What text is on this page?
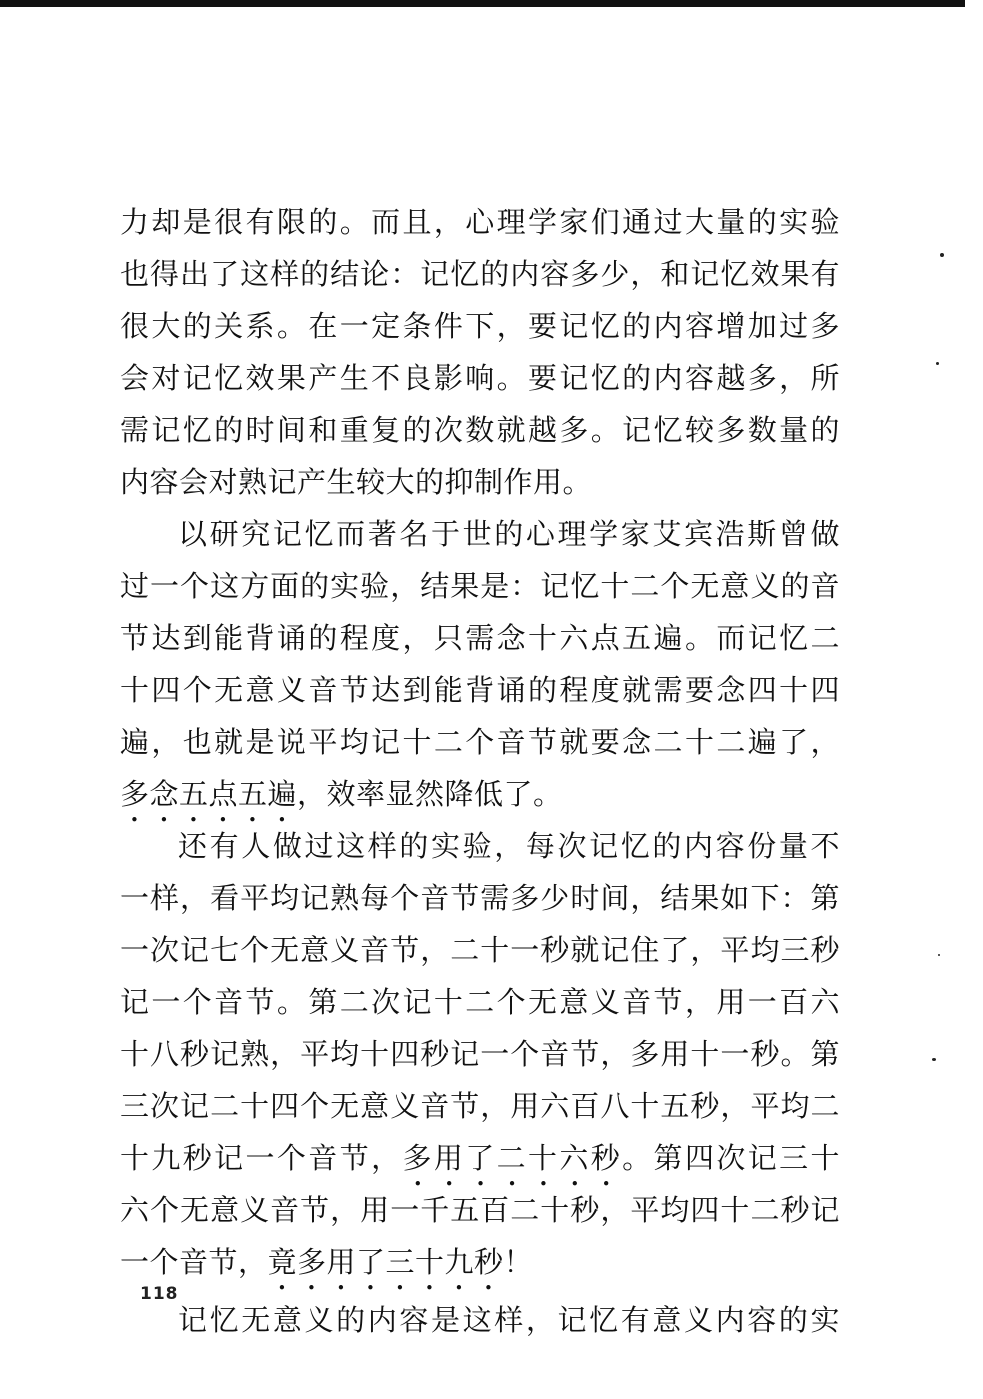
力却是很有限的。而且，心理学家们通过大量的实验
也得出了这样的结论：记忆的内容多少，和记忆效果有
很大的关系。在一定条件下，要记忆的内容增加过多
会对记忆效果产生不良影响。要记忆的内容越多，所
需记忆的时间和重复的次数就越多。记忆较多数量的
内容会对熟记产生较大的抑制作用。
以研究记忆而著名于世的心理学家艾宾浩斯曾做
过一个这方面的实验，结果是：记忆十二个无意义的音
节达到能背诵的程度，只需念十六点五遍。而记忆二
十四个无意义音节达到能背诵的程度就需要念四十四
遍，也就是说平均记十二个音节就要念二十二遍了，
多念五点五遍，效率显然降低了。
还有人做过这样的实验，每次记忆的内容份量不
一样，看平均记熟每个音节需多少时间，结果如下：第
一次记七个无意义音节，二十一秒就记住了，平均三秒
记一个音节。第二次记十二个无意义音节，用一百六
十八秒记熟，平均十四秒记一个音节，多用十一秒。第
三次记二十四个无意义音节，用六百八十五秒，平均二
十九秒记一个音节，多用了二十六秒。第四次记三十
六个无意义音节，用一千五百二十秒，平均四十二秒记
一个音节，竟多用了三十九秒！
记忆无意义的内容是这样，记忆有意义内容的实
118
